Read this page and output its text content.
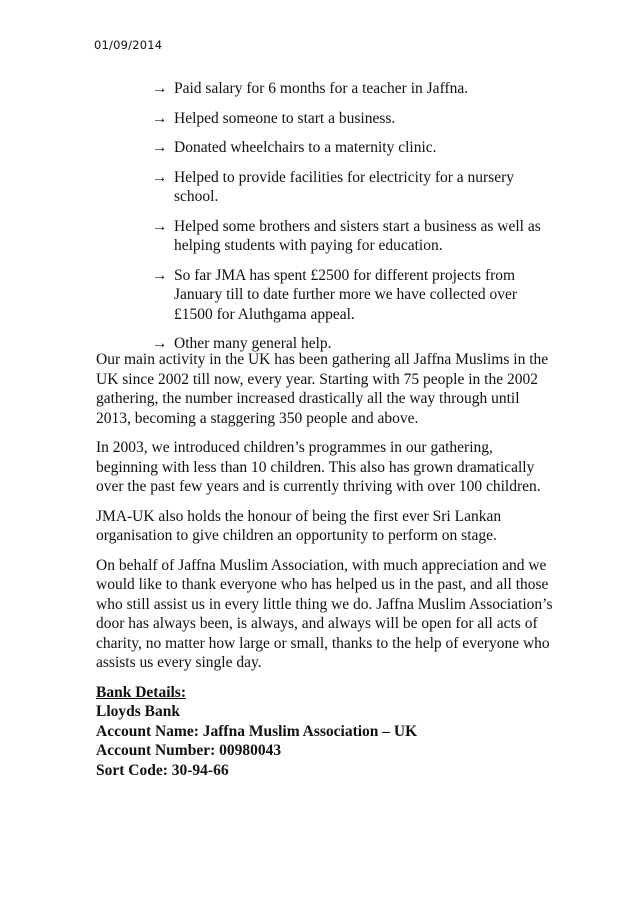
01/09/2014
→ Paid salary for 6 months for a teacher in Jaffna.
→ Helped someone to start a business.
→ Donated wheelchairs to a maternity clinic.
→ Helped to provide facilities for electricity for a nursery school.
→ Helped some brothers and sisters start a business as well as helping students with paying for education.
→ So far JMA has spent £2500 for different projects from January till to date further more we have collected over £1500 for Aluthgama appeal.
→ Other many general help.

Our main activity in the UK has been gathering all Jaffna Muslims in the UK since 2002 till now, every year. Starting with 75 people in the 2002 gathering, the number increased drastically all the way through until 2013, becoming a staggering 350 people and above.

In 2003, we introduced children’s programmes in our gathering, beginning with less than 10 children. This also has grown dramatically over the past few years and is currently thriving with over 100 children.

JMA-UK also holds the honour of being the first ever Sri Lankan organisation to give children an opportunity to perform on stage.

On behalf of Jaffna Muslim Association, with much appreciation and we would like to thank everyone who has helped us in the past, and all those who still assist us in every little thing we do. Jaffna Muslim Association’s door has always been, is always, and always will be open for all acts of charity, no matter how large or small, thanks to the help of everyone who assists us every single day.

Bank Details:
Lloyds Bank
Account Name: Jaffna Muslim Association – UK
Account Number: 00980043
Sort Code: 30-94-66
